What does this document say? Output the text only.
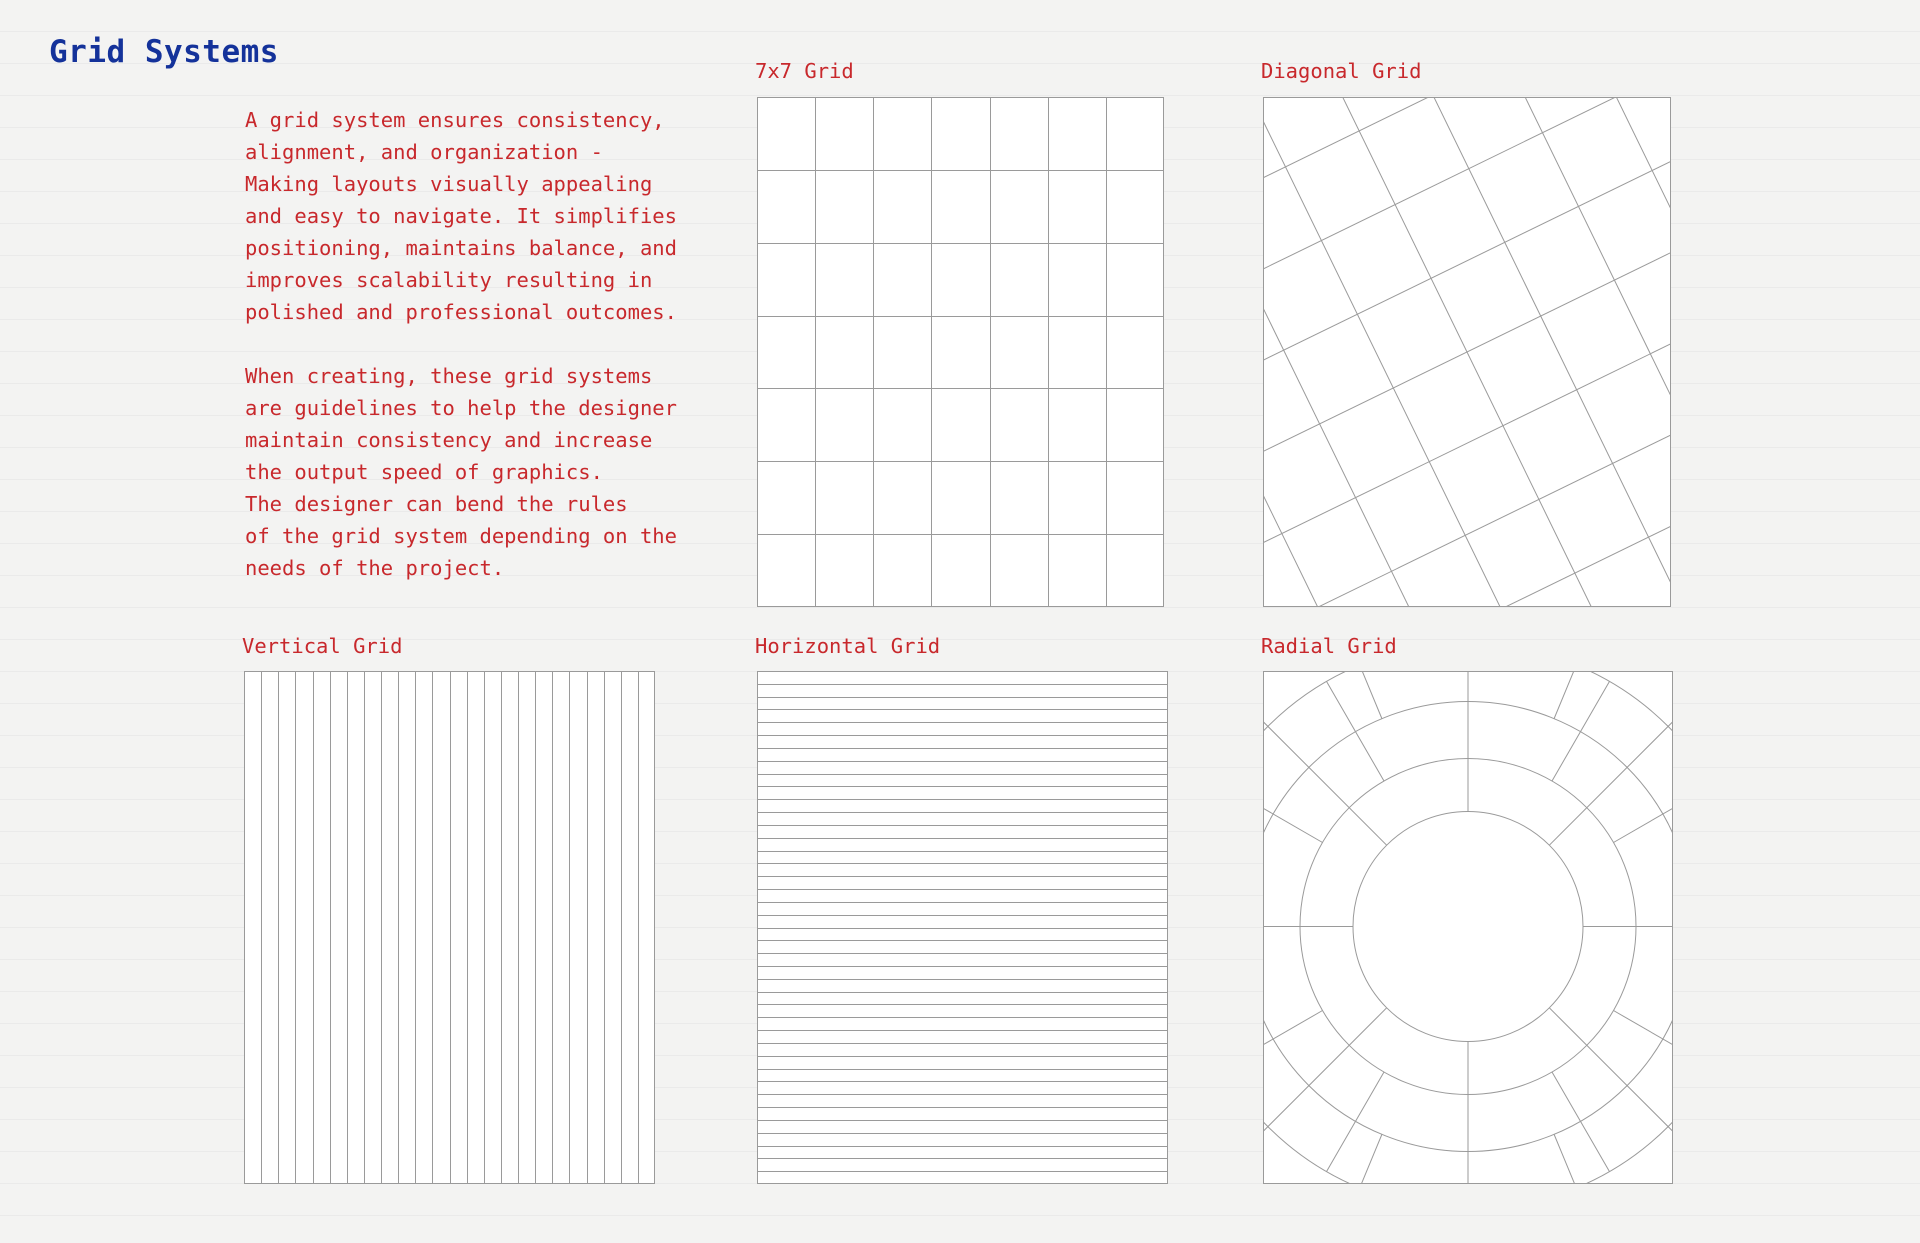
Grid Systems

A grid system ensures consistency,
alignment, and organization -
Making layouts visually appealing
and easy to navigate. It simplifies
positioning, maintains balance, and
improves scalability resulting in
polished and professional outcomes.

When creating, these grid systems
are guidelines to help the designer
maintain consistency and increase
the output speed of graphics.
The designer can bend the rules
of the grid system depending on the
needs of the project.

7x7 Grid	Diagonal Grid
Vertical Grid	Horizontal Grid	Radial Grid
